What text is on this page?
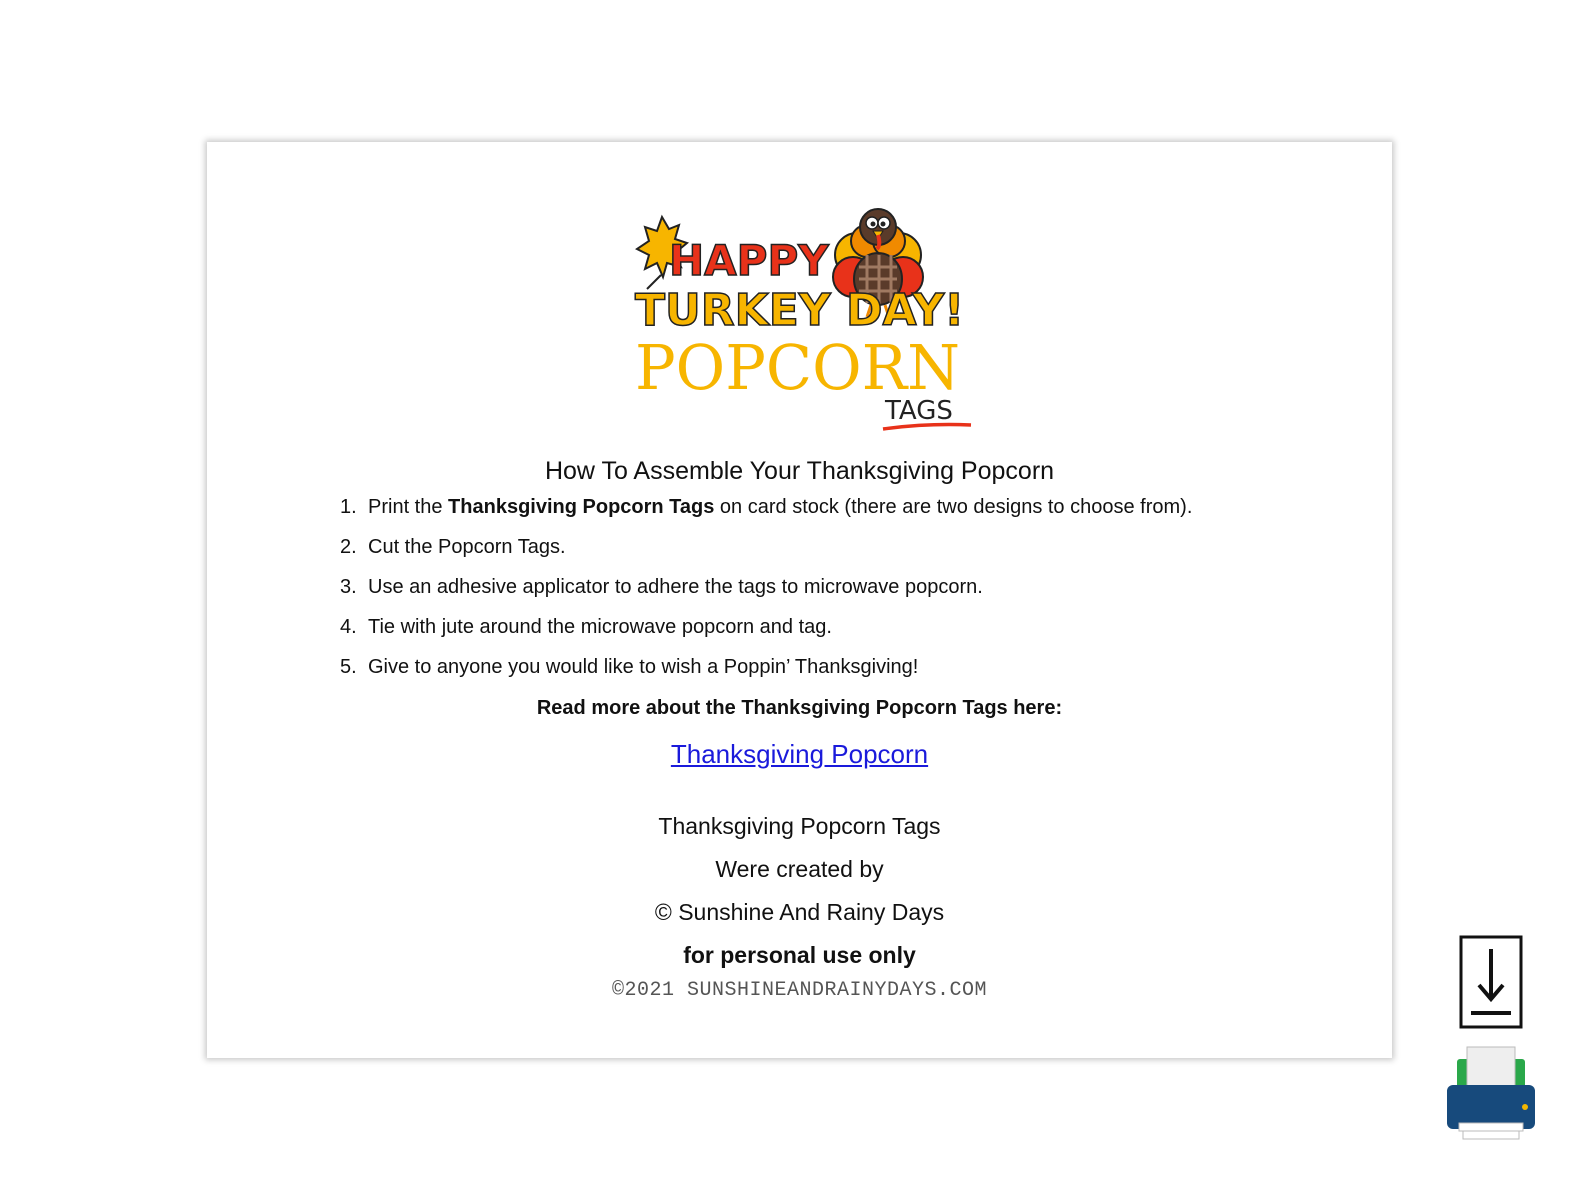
HAPPY
TURKEY DAY!
POPCORN
TAGS
How To Assemble Your Thanksgiving Popcorn
1. Print the Thanksgiving Popcorn Tags on card stock (there are two designs to choose from).
2. Cut the Popcorn Tags.
3. Use an adhesive applicator to adhere the tags to microwave popcorn.
4. Tie with jute around the microwave popcorn and tag.
5. Give to anyone you would like to wish a Poppin’ Thanksgiving!
Read more about the Thanksgiving Popcorn Tags here:
Thanksgiving Popcorn
Thanksgiving Popcorn Tags
Were created by
© Sunshine And Rainy Days
for personal use only
©2021 SUNSHINEANDRAINYDAYS.COM
